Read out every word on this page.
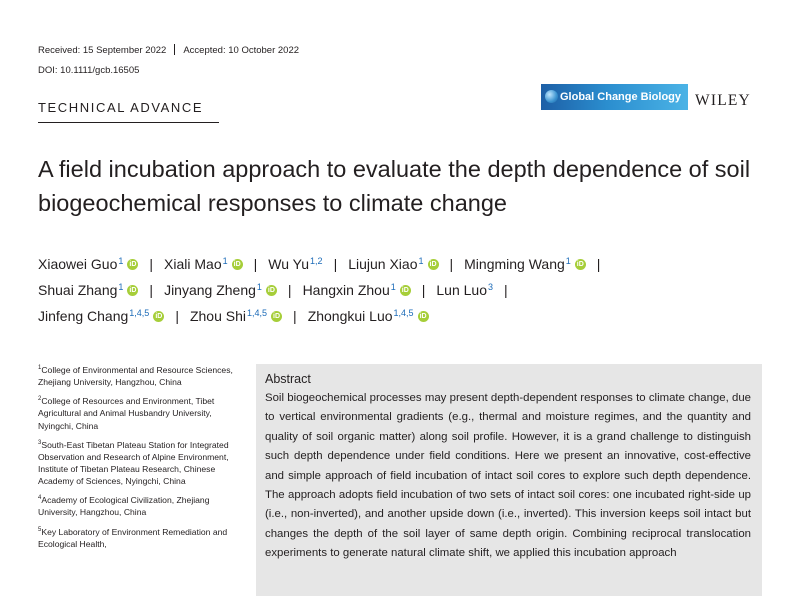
Received: 15 September 2022 Accepted: 10 October 2022
DOI: 10.1111/gcb.16505
TECHNICAL ADVANCE
Global Change Biology WILEY
A field incubation approach to evaluate the depth dependence of soil biogeochemical responses to climate change
Xiaowei Guo$^1$ iD | Xiali Mao$^1$ iD | Wu Yu$^{1,2}$ | Liujun Xiao$^1$ iD | Mingming Wang$^1$ iD |
Shuai Zhang$^1$ iD | Jinyang Zheng$^1$ iD | Hangxin Zhou$^1$ iD | Lun Luo$^3$ |
Jinfeng Chang$^{1,4,5}$ iD | Zhou Shi$^{1,4,5}$ iD | Zhongkui Luo$^{1,4,5}$ iD
$^1$College of Environmental and Resource Sciences, Zhejiang University, Hangzhou, China
$^2$College of Resources and Environment, Tibet Agricultural and Animal Husbandry University, Nyingchi, China
$^3$South-East Tibetan Plateau Station for Integrated Observation and Research of Alpine Environment, Institute of Tibetan Plateau Research, Chinese Academy of Sciences, Nyingchi, China
$^4$Academy of Ecological Civilization, Zhejiang University, Hangzhou, China
$^5$Key Laboratory of Environment Remediation and Ecological Health,
Abstract
Soil biogeochemical processes may present depth-dependent responses to climate change, due to vertical environmental gradients (e.g., thermal and moisture regimes, and the quantity and quality of soil organic matter) along soil profile. However, it is a grand challenge to distinguish such depth dependence under field conditions. Here we present an innovative, cost-effective and simple approach of field incubation of intact soil cores to explore such depth dependence. The approach adopts field incubation of two sets of intact soil cores: one incubated right-side up (i.e., non-inverted), and another upside down (i.e., inverted). This inversion keeps soil intact but changes the depth of the soil layer of same depth origin. Combining reciprocal translocation experiments to generate natural climate shift, we applied this incubation approach
